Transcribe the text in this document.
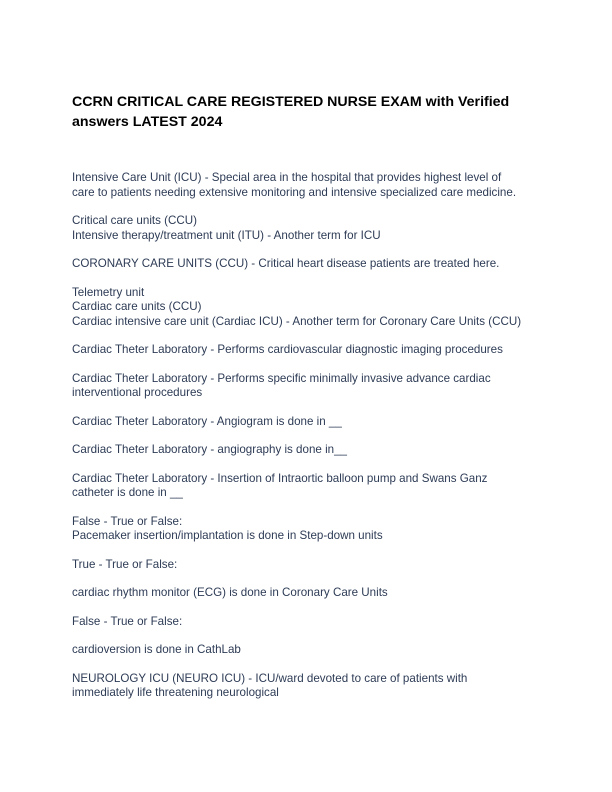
CCRN CRITICAL CARE REGISTERED NURSE EXAM with Verified answers LATEST 2024

Intensive Care Unit (ICU) - Special area in the hospital that provides highest level of
care to patients needing extensive monitoring and intensive specialized care medicine.

Critical care units (CCU)
Intensive therapy/treatment unit (ITU) - Another term for ICU

CORONARY CARE UNITS (CCU) - Critical heart disease patients are treated here.

Telemetry unit
Cardiac care units (CCU)
Cardiac intensive care unit (Cardiac ICU) - Another term for Coronary Care Units (CCU)

Cardiac Theter Laboratory - Performs cardiovascular diagnostic imaging procedures

Cardiac Theter Laboratory - Performs specific minimally invasive advance cardiac
interventional procedures

Cardiac Theter Laboratory - Angiogram is done in __

Cardiac Theter Laboratory - angiography is done in__

Cardiac Theter Laboratory - Insertion of Intraortic balloon pump and Swans Ganz
catheter is done in __

False - True or False:
Pacemaker insertion/implantation is done in Step-down units

True - True or False:

cardiac rhythm monitor (ECG) is done in Coronary Care Units

False - True or False:

cardioversion is done in CathLab

NEUROLOGY ICU (NEURO ICU) - ICU/ward devoted to care of patients with
immediately life threatening neurological
